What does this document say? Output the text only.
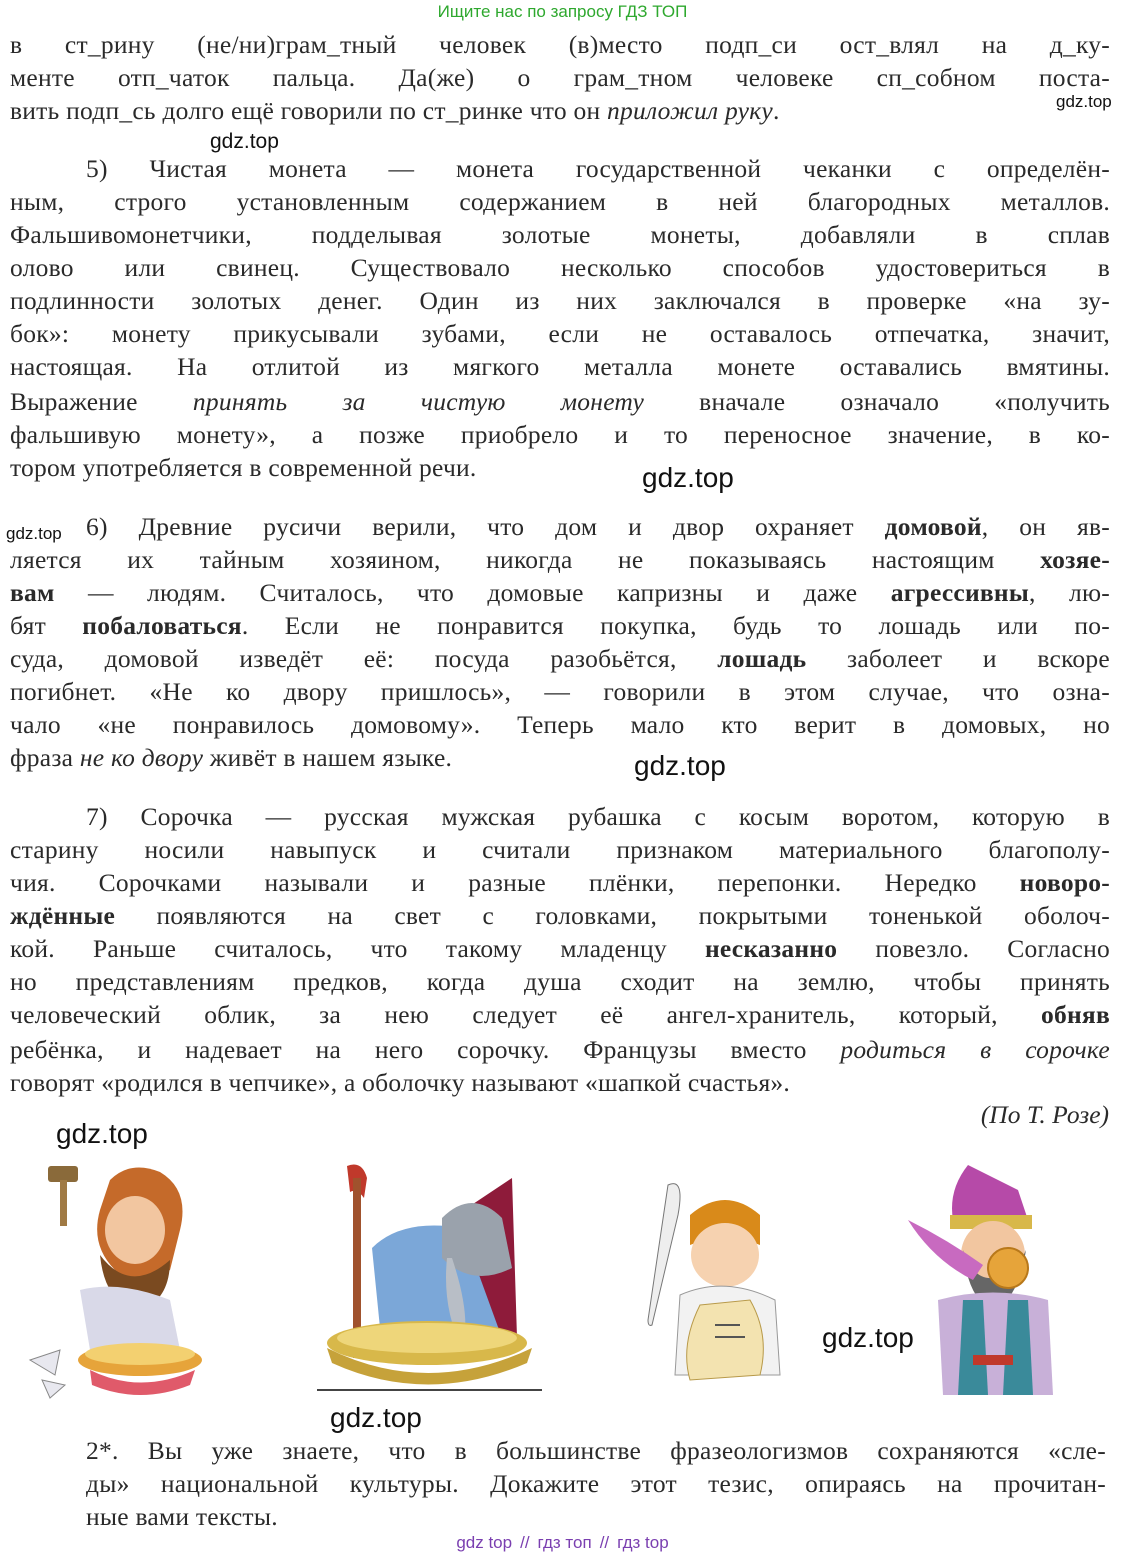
Ищите нас по запросу ГДЗ ТОП
в ст_рину (не/ни)грам_тный человек (в)место подп_си ост_влял на д_ку-
менте отп_чаток пальца. Да(же) о грам_тном человеке сп_собном поста-
вить подп_сь долго ещё говорили по ст_ринке что он приложил руку.
5) Чистая монета — монета государственной чеканки с определён-
ным, строго установленным содержанием в ней благородных металлов.
Фальшивомонетчики, подделывая золотые монеты, добавляли в сплав
олово или свинец. Существовало несколько способов удостовериться в
подлинности золотых денег. Один из них заключался в проверке «на зу-
бок»: монету прикусывали зубами, если не оставалось отпечатка, значит,
настоящая. На отлитой из мягкого металла монете оставались вмятины.
Выражение принять за чистую монету вначале означало «получить
фальшивую монету», а позже приобрело и то переносное значение, в ко-
тором употребляется в современной речи.
6) Древние русичи верили, что дом и двор охраняет домовой, он яв-
ляется их тайным хозяином, никогда не показываясь настоящим хозяе-
вам — людям. Считалось, что домовые капризны и даже агрессивны, лю-
бят побаловаться. Если не понравится покупка, будь то лошадь или по-
суда, домовой изведёт её: посуда разобьётся, лошадь заболеет и вскоре
погибнет. «Не ко двору пришлось», — говорили в этом случае, что озна-
чало «не понравилось домовому». Теперь мало кто верит в домовых, но
фраза не ко двору живёт в нашем языке.
7) Сорочка — русская мужская рубашка с косым воротом, которую в
старину носили навыпуск и считали признаком материального благополу-
чия. Сорочками называли и разные плёнки, перепонки. Нередко новоро-
ждённые появляются на свет с головками, покрытыми тоненькой оболоч-
кой. Раньше считалось, что такому младенцу несказанно повезло. Согласно
но представлениям предков, когда душа сходит на землю, чтобы принять
человеческий облик, за нею следует её ангел-хранитель, который, обняв
ребёнка, и надевает на него сорочку. Французы вместо родиться в сорочке
говорят «родился в чепчике», а оболочку называют «шапкой счастья».
(По Т. Розе)
gdz.top
gdz.top
gdz.top
gdz.top
gdz.top
gdz.top
gdz.top
gdz.top
2*. Вы уже знаете, что в большинстве фразеологизмов сохраняются «сле-
ды» национальной культуры. Докажите этот тезис, опираясь на прочитан-
ные вами тексты.
gdz top // гдз топ // гдз top
